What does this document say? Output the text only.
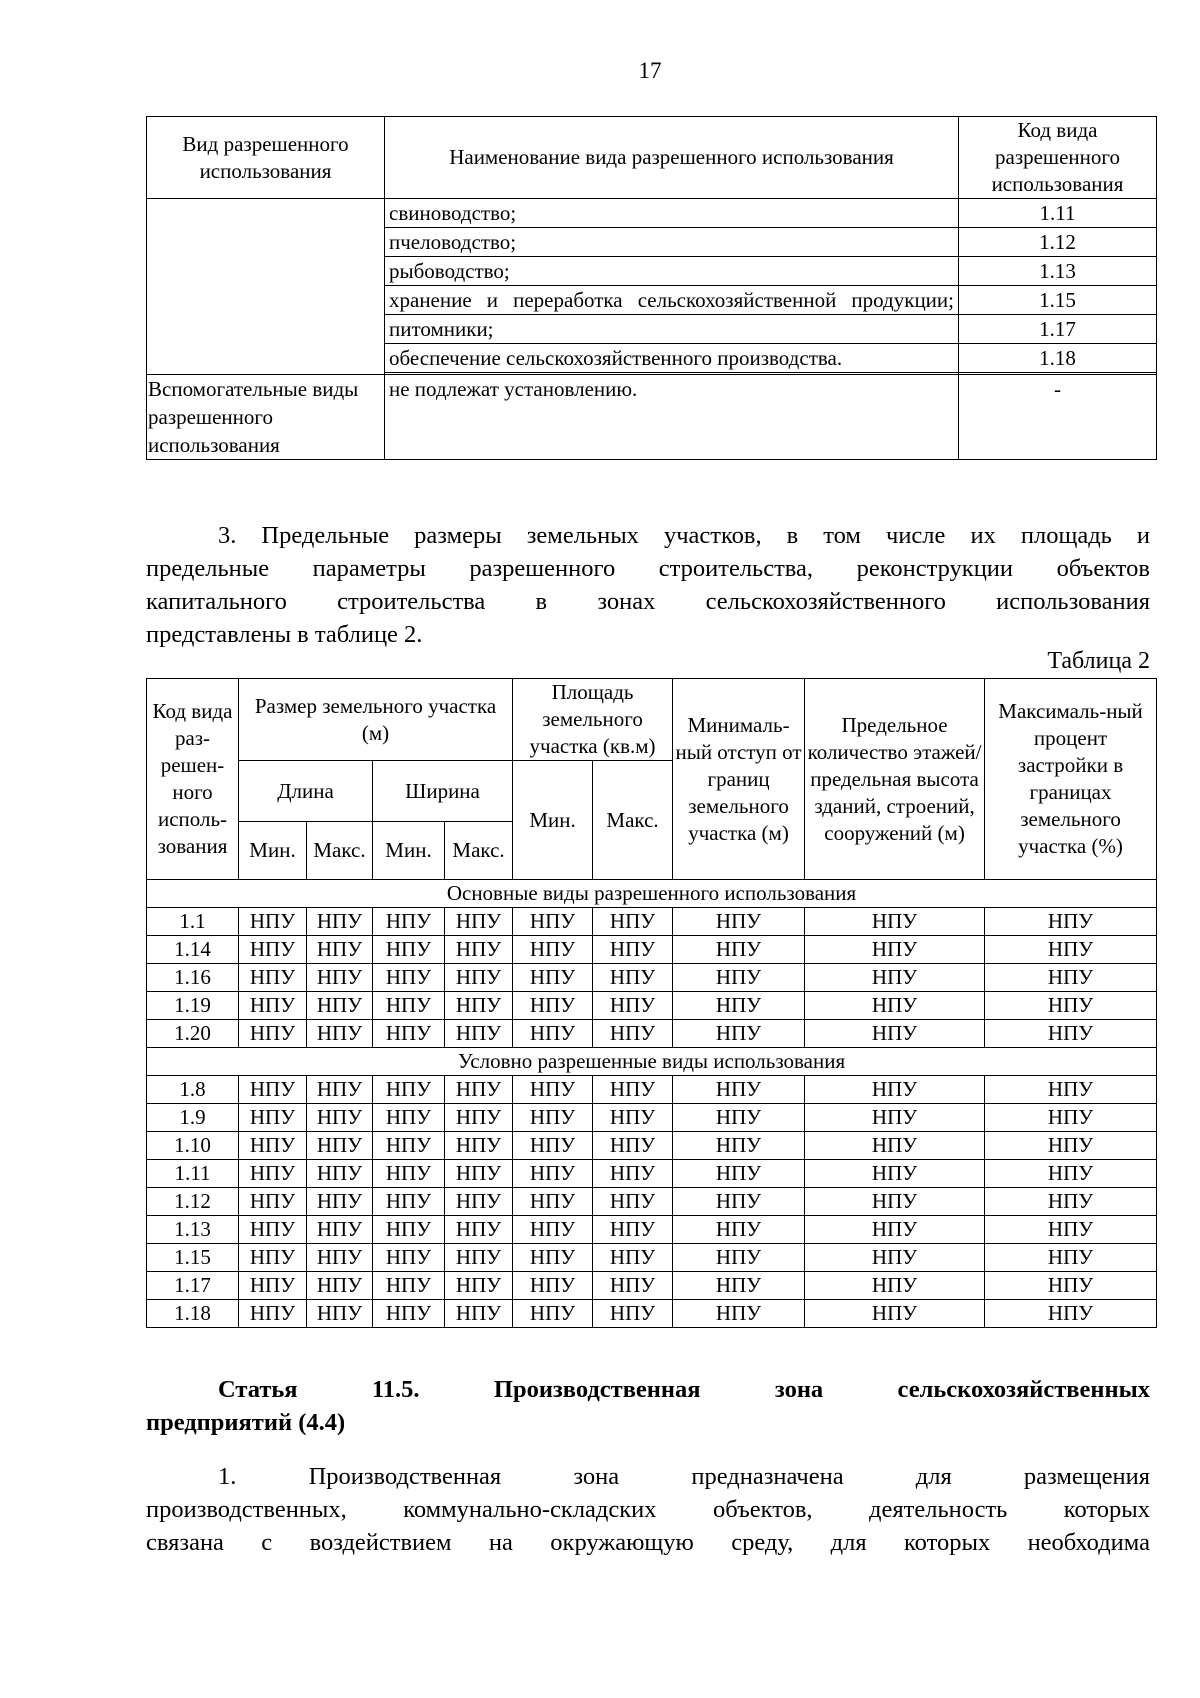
17
Вид разрешенного использования	Наименование вида разрешенного использования	Код вида разрешенного использования
	свиноводство;	1.11
	пчеловодство;	1.12
	рыбоводство;	1.13

	хранение и переработка сельскохозяйственной продукции;	1.15
	питомники;	1.17
	обеспечение сельскохозяйственного производства.	1.18

Вспомогательные виды разрешенного использования	не подлежат установлению.	-
3. Предельные размеры земельных участков, в том числе их площадь и
предельные параметры разрешенного строительства, реконструкции объектов
капитального строительства в зонах сельскохозяйственного использования
представлены в таблице 2.
Таблица 2
Код вида раз-решен-ного исполь-зования	Размер земельного участка (м)				Площадь земельного участка (кв.м)		Минималь-ный отступ от границ земельного участка (м)	Предельное количество этажей/ предельная высота зданий, строений, сооружений (м)	Максималь-ный процент застройки в границах земельного участка (%)

	Длина		Ширина		Мин.	Макс.			
	Мин.	Макс.	Мин.	Макс.					
Основные виды разрешенного использования									
1.1	НПУ	НПУ	НПУ	НПУ	НПУ	НПУ	НПУ	НПУ	НПУ
1.14	НПУ	НПУ	НПУ	НПУ	НПУ	НПУ	НПУ	НПУ	НПУ
1.16	НПУ	НПУ	НПУ	НПУ	НПУ	НПУ	НПУ	НПУ	НПУ
1.19	НПУ	НПУ	НПУ	НПУ	НПУ	НПУ	НПУ	НПУ	НПУ
1.20	НПУ	НПУ	НПУ	НПУ	НПУ	НПУ	НПУ	НПУ	НПУ
Условно разрешенные виды использования									
1.8	НПУ	НПУ	НПУ	НПУ	НПУ	НПУ	НПУ	НПУ	НПУ
1.9	НПУ	НПУ	НПУ	НПУ	НПУ	НПУ	НПУ	НПУ	НПУ
1.10	НПУ	НПУ	НПУ	НПУ	НПУ	НПУ	НПУ	НПУ	НПУ
1.11	НПУ	НПУ	НПУ	НПУ	НПУ	НПУ	НПУ	НПУ	НПУ
1.12	НПУ	НПУ	НПУ	НПУ	НПУ	НПУ	НПУ	НПУ	НПУ
1.13	НПУ	НПУ	НПУ	НПУ	НПУ	НПУ	НПУ	НПУ	НПУ
1.15	НПУ	НПУ	НПУ	НПУ	НПУ	НПУ	НПУ	НПУ	НПУ
1.17	НПУ	НПУ	НПУ	НПУ	НПУ	НПУ	НПУ	НПУ	НПУ
1.18	НПУ	НПУ	НПУ	НПУ	НПУ	НПУ	НПУ	НПУ	НПУ
Статья 11.5. Производственная зона сельскохозяйственных
предприятий (4.4)
1. Производственная зона предназначена для размещения
производственных, коммунально-складских объектов, деятельность которых
связана с воздействием на окружающую среду, для которых необходима
